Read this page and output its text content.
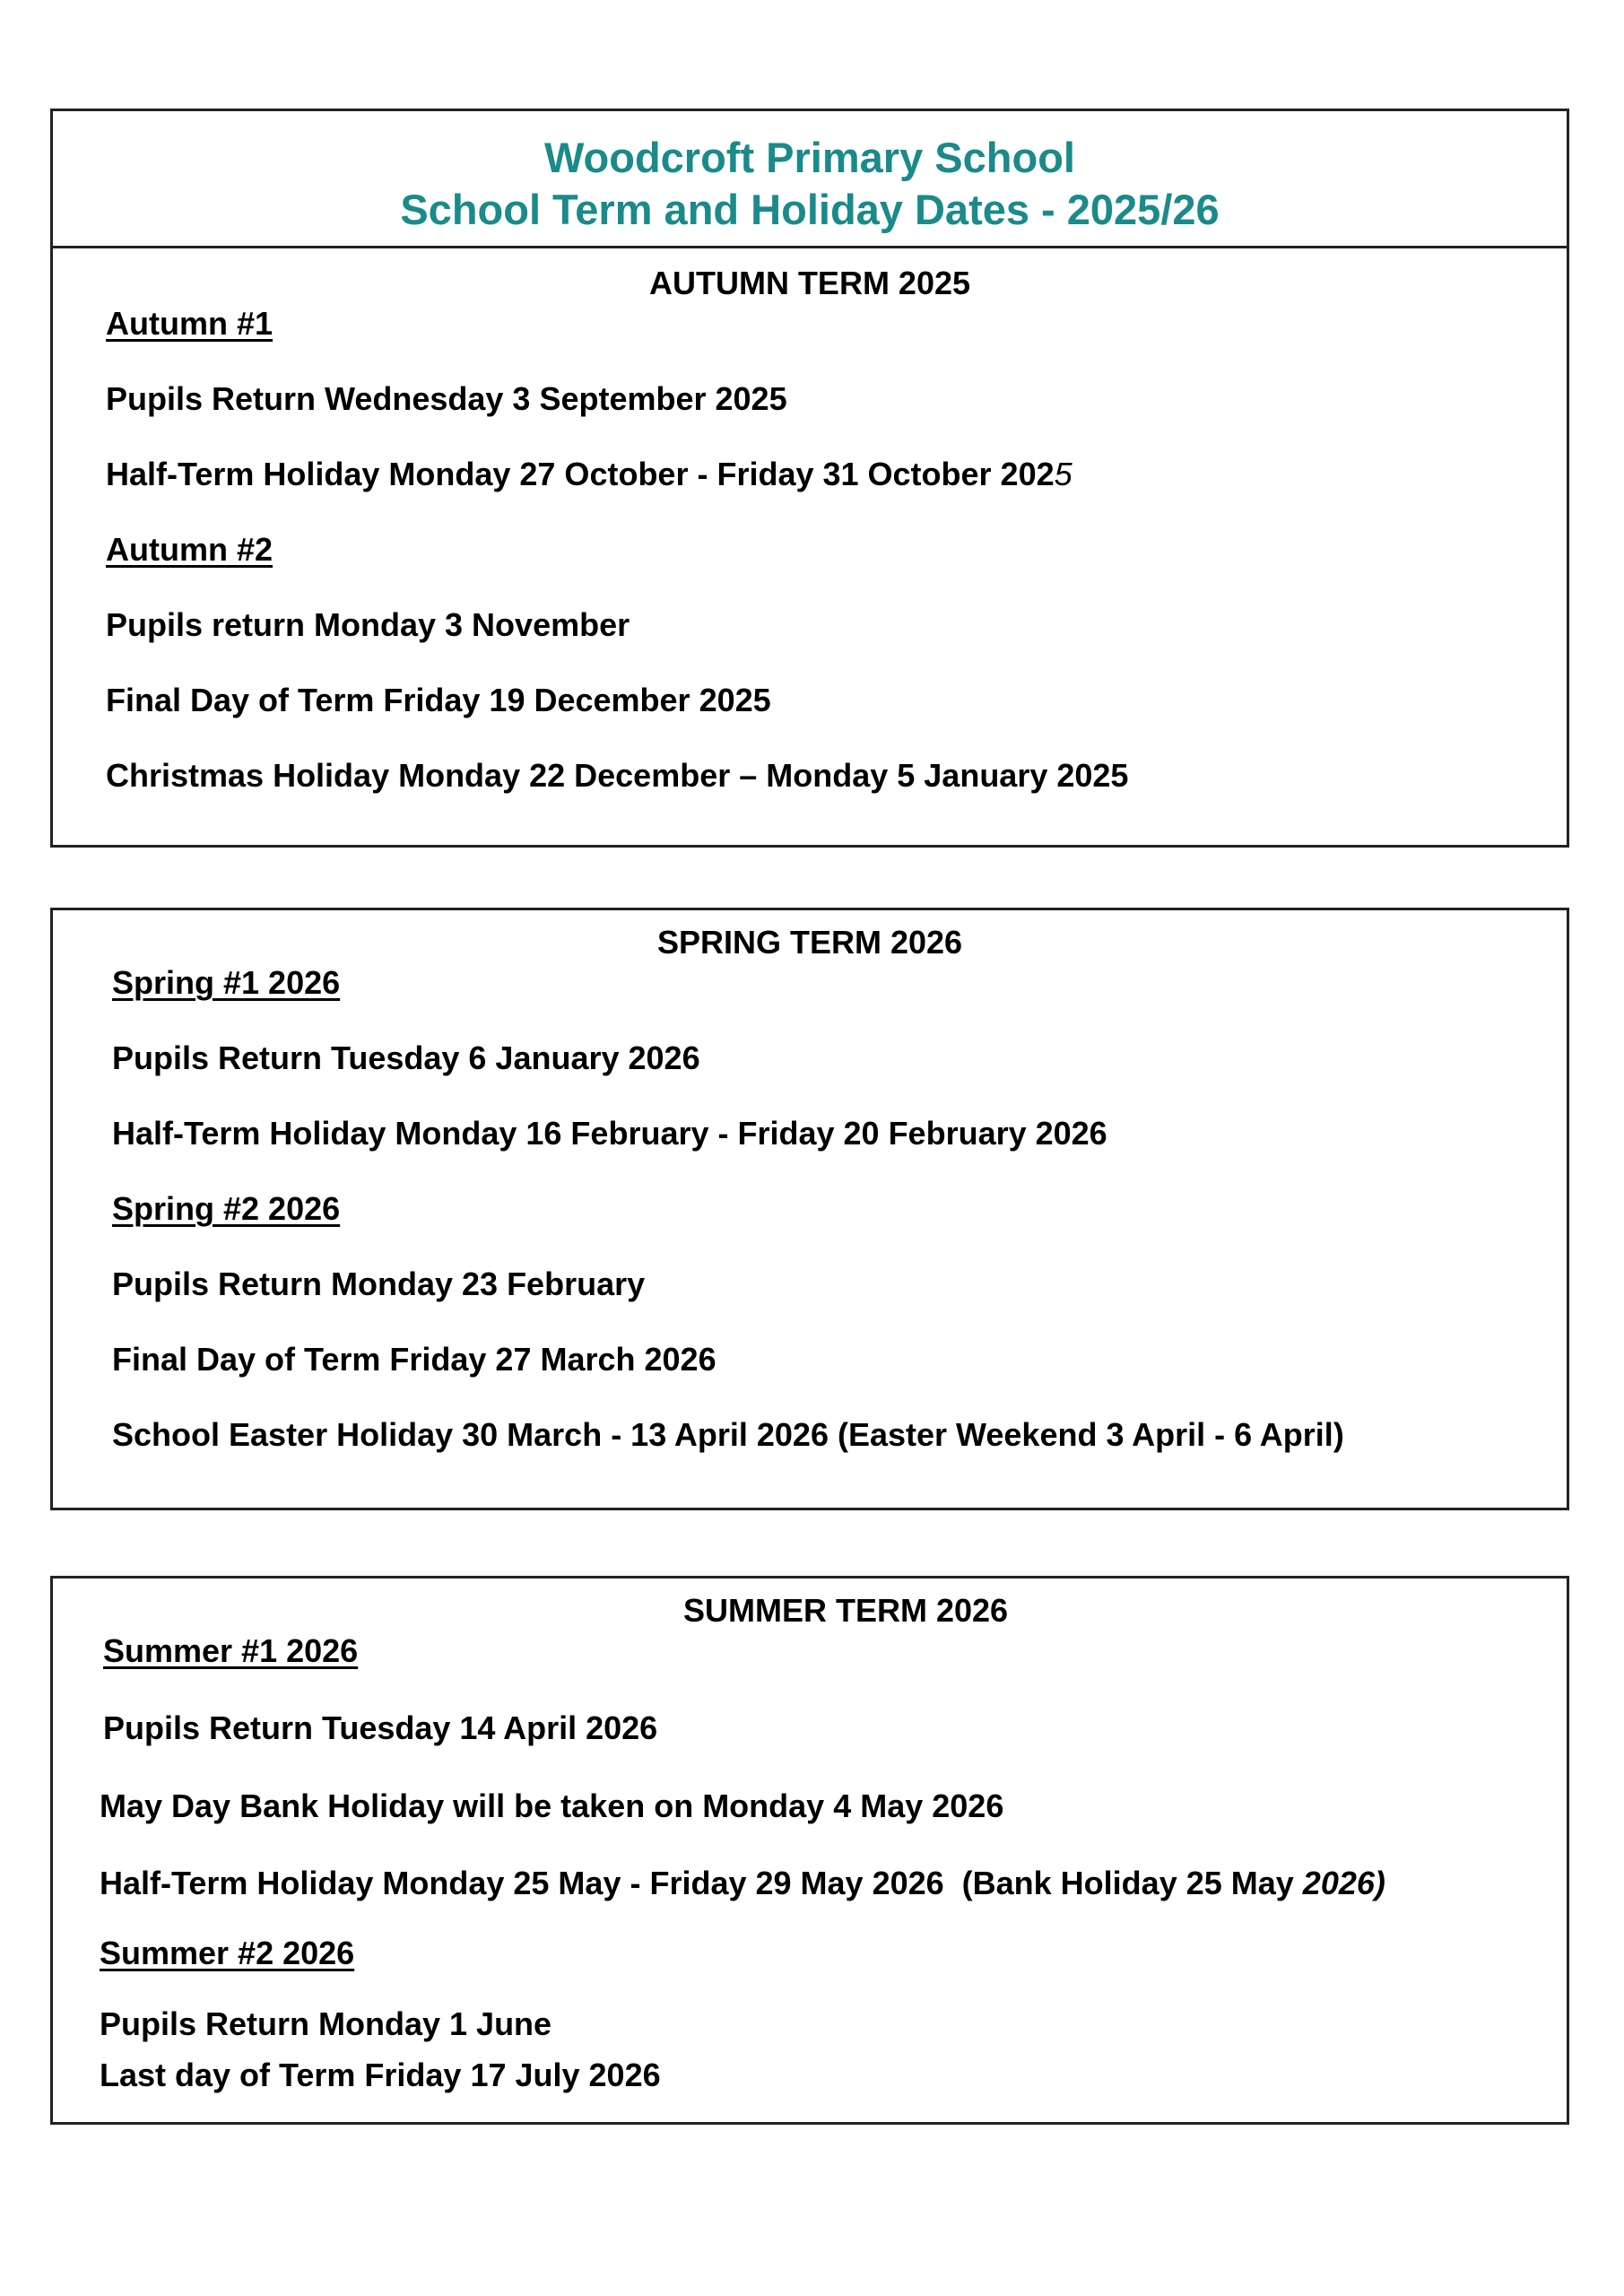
Woodcroft Primary School
School Term and Holiday Dates - 2025/26
AUTUMN TERM 2025
Autumn #1
Pupils Return Wednesday 3 September 2025
Half-Term Holiday Monday 27 October - Friday 31 October 2025
Autumn #2
Pupils return Monday 3 November
Final Day of Term Friday 19 December 2025
Christmas Holiday Monday 22 December – Monday 5 January 2025
SPRING TERM 2026
Spring #1 2026
Pupils Return Tuesday 6 January 2026
Half-Term Holiday Monday 16 February - Friday 20 February 2026
Spring #2 2026
Pupils Return Monday 23 February
Final Day of Term Friday 27 March 2026
School Easter Holiday 30 March - 13 April 2026 (Easter Weekend 3 April - 6 April)
SUMMER TERM 2026
Summer #1 2026
Pupils Return Tuesday 14 April 2026
May Day Bank Holiday will be taken on Monday 4 May 2026
Half-Term Holiday Monday 25 May - Friday 29 May 2026  (Bank Holiday 25 May 2026)
Summer #2 2026
Pupils Return Monday 1 June
Last day of Term Friday 17 July 2026
